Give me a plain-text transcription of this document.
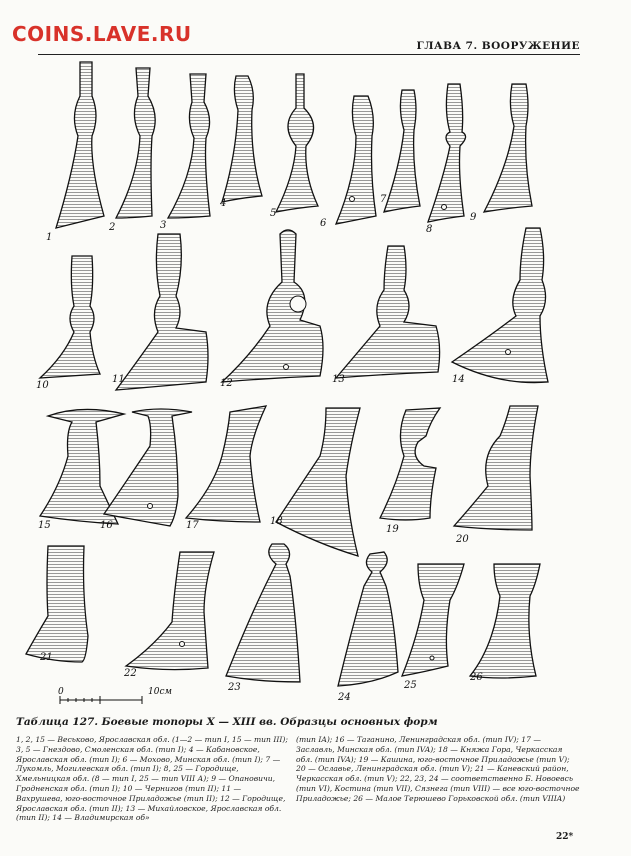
COINS.LAVE.RU	ГЛАВА 7. ВООРУЖЕНИЕ
1
2	3
4
5
6
7
8
9
10
11	12	13	14
15	16	17	18
19
20
21
22
23
24
25
26
0	10см
Таблица 127. Боевые топоры X — XIII вв. Образцы основных форм
1, 2, 15 — Веськово, Ярославская обл. (1—2 — тип I, 15 — тип III); 3, 5 — Гнездово, Смоленская обл. (тип I); 4 — Кабановское, Ярославская обл. (тип I); 6 — Мохово, Минская обл. (тип I); 7 — Лукомль, Могилевская обл. (тип I); 8, 25 — Городище, Хмельницкая обл. (8 — тип I, 25 — тип VIII А); 9 — Опановичи, Гродненская обл. (тип I); 10 — Чернигов (тип II); 11 — Вахрушева, юго-восточное Приладожье (тип II); 12 — Городище, Ярославская обл. (тип II); 13 — Михайловское, Ярославская обл. (тип II); 14 — Владимирская об»
(тип IA); 16 — Таганино, Ленинградская обл. (тип IV); 17 — Заславль, Минская обл. (тип IVA); 18 — Княжа Гора, Черкасская обл. (тип IVA); 19 — Кашина, юго-восточное Приладожье (тип V); 20 — Ославье, Ленинградская обл. (тип V); 21 — Каневский район, Черкасская обл. (тип V); 22, 23, 24 — соответственно Б. Новоевсь (тип VI), Костина (тип VII), Сязнега (тип VIII) — все юго-восточное Приладожье; 26 — Малое Терюшево Горьковской обл. (тип VIIIA)
22*
